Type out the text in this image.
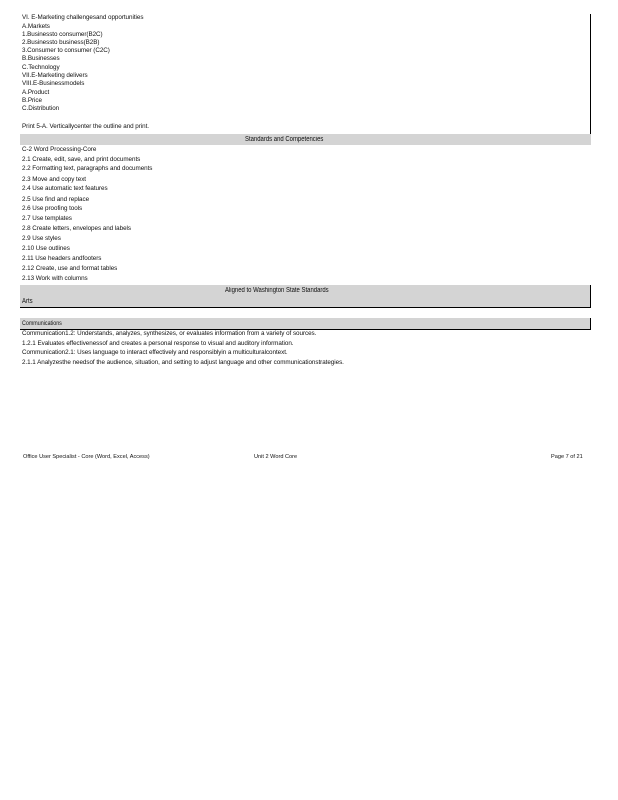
VI. E-Marketing challengesand opportunities
A.Markets
1.Businessto consumer(B2C)
2.Businessto business(B2B)
3.Consumer to consumer (C2C)
B.Businesses
C.Technology
VII.E-Marketing delivers
VIII.E-Businessmodels
A.Product
B.Price
C.Distribution
Print 5-A. Verticallycenter the outline and print.
Standards and Competencies
C-2 Word Processing-Core
2.1 Create, edit, save, and print documents
2.2 Formatting text, paragraphs and documents
2.3 Move and copy text
2.4 Use automatic text features
2.5 Use find and replace
2.6 Use proofing tools
2.7 Use templates
2.8 Create letters, envelopes and labels
2.9 Use styles
2.10 Use outlines
2.11 Use headers andfooters
2.12 Create, use and format tables
2.13 Work with columns
Aligned to Washington State Standards
Arts
Communications
Communication1.2: Understands, analyzes, synthesizes, or evaluates information from a variety of sources.
1.2.1 Evaluates effectivenessof and creates a personal response to visual and auditory information.
Communication2.1: Uses language to interact effectively and responsiblyin a multiculturalcontext.
2.1.1 Analyzesthe needsof the audience, situation, and setting to adjust language and other communicationstrategies.
Office User Specialist - Core (Word, Excel, Access)	Unit 2 Word Core	Page 7 of 21
